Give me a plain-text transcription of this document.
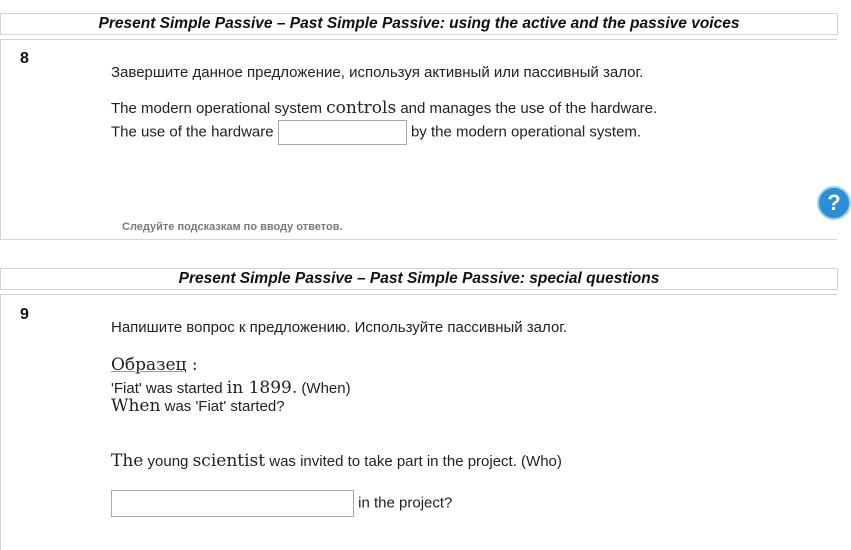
Present Simple Passive – Past Simple Passive: using the active and the passive voices
8
Завершите данное предложение, используя активный или пассивный залог.
The modern operational system controls and manages the use of the hardware.
The use of the hardware	by the modern operational system.
Следуйте подсказкам по вводу ответов.
?
Present Simple Passive – Past Simple Passive: special questions
9
Напишите вопрос к предложению. Используйте пассивный залог.
Образец :
'Fiat' was started in 1899. (When)
When was 'Fiat' started?
The young scientist was invited to take part in the project. (Who)
in the project?
